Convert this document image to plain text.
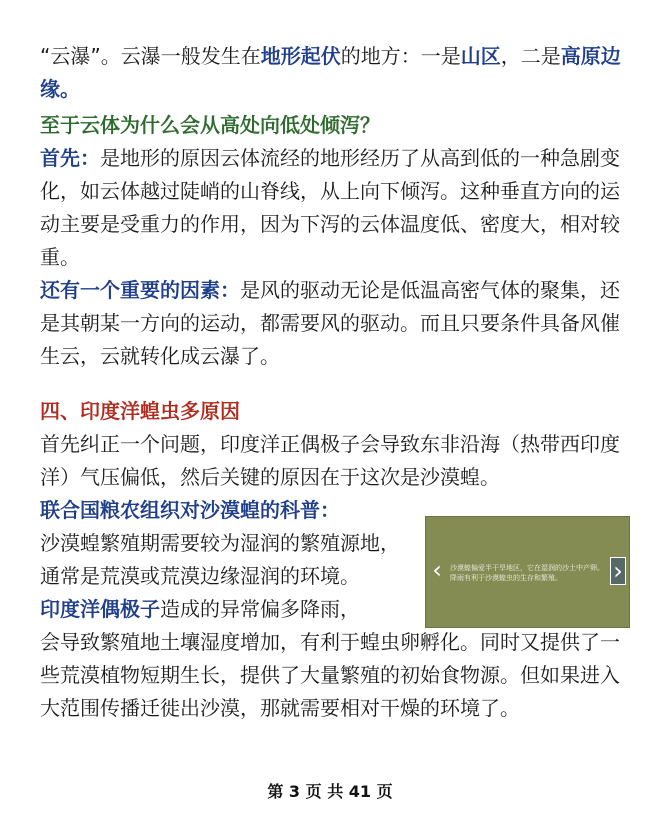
“云瀑”。云瀑一般发生在地形起伏的地方：一是山区，二是高原边缘。

至于云体为什么会从高处向低处倾泻？

首先：是地形的原因云体流经的地形经历了从高到低的一种急剧变化，如云体越过陡峭的山脊线，从上向下倾泻。这种垂直方向的运动主要是受重力的作用，因为下泻的云体温度低、密度大，相对较重。

还有一个重要的因素：是风的驱动无论是低温高密气体的聚集，还是其朝某一方向的运动，都需要风的驱动。而且只要条件具备风催生云，云就转化成云瀑了。

四、印度洋蝗虫多原因

首先纠正一个问题，印度洋正偶极子会导致东非沿海（热带西印度洋）气压偏低，然后关键的原因在于这次是沙漠蝗。

联合国粮农组织对沙漠蝗的科普：

沙漠蝗繁殖期需要较为湿润的繁殖源地，通常是荒漠或荒漠边缘湿润的环境。

印度洋偶极子造成的异常偏多降雨，
会导致繁殖地土壤湿度增加，有利于蝗虫卵孵化。同时又提供了一些荒漠植物短期生长，提供了大量繁殖的初始食物源。但如果进入大范围传播迁徙出沙漠，那就需要相对干燥的环境了。

‹	沙漠蝗偏爱半干旱地区，它在湿润的沙土中产卵。降雨有利于沙漠蝗虫的生存和繁殖。	›
第 3 页 共 41 页
